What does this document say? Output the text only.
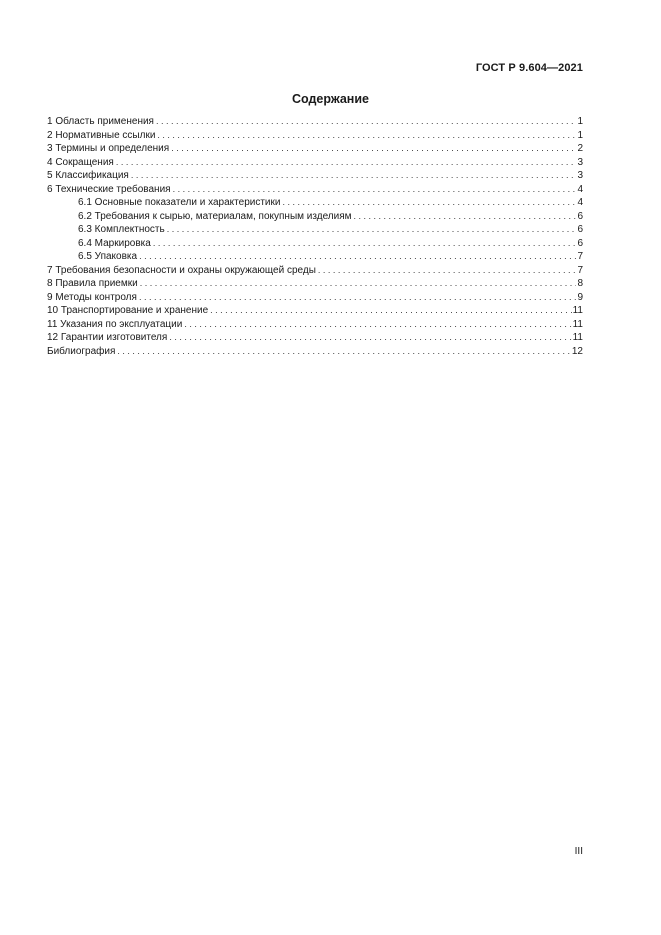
ГОСТ Р 9.604—2021
Содержание
1 Область применения . . .	1
2 Нормативные ссылки . . .	1
3 Термины и определения . . .	2
4 Сокращения . . .	3
5 Классификация . . .	3
6 Технические требования . . .	4
6.1 Основные показатели и характеристики . . .	4
6.2 Требования к сырью, материалам, покупным изделиям . . .	6
6.3 Комплектность . . .	6
6.4 Маркировка . . .	6
6.5 Упаковка . . .	7
7 Требования безопасности и охраны окружающей среды . . .	7
8 Правила приемки . . .	8
9 Методы контроля . . .	9
10 Транспортирование и хранение . . .	11
11 Указания по эксплуатации . . .	11
12 Гарантии изготовителя . . .	11
Библиография . . .	12
III
